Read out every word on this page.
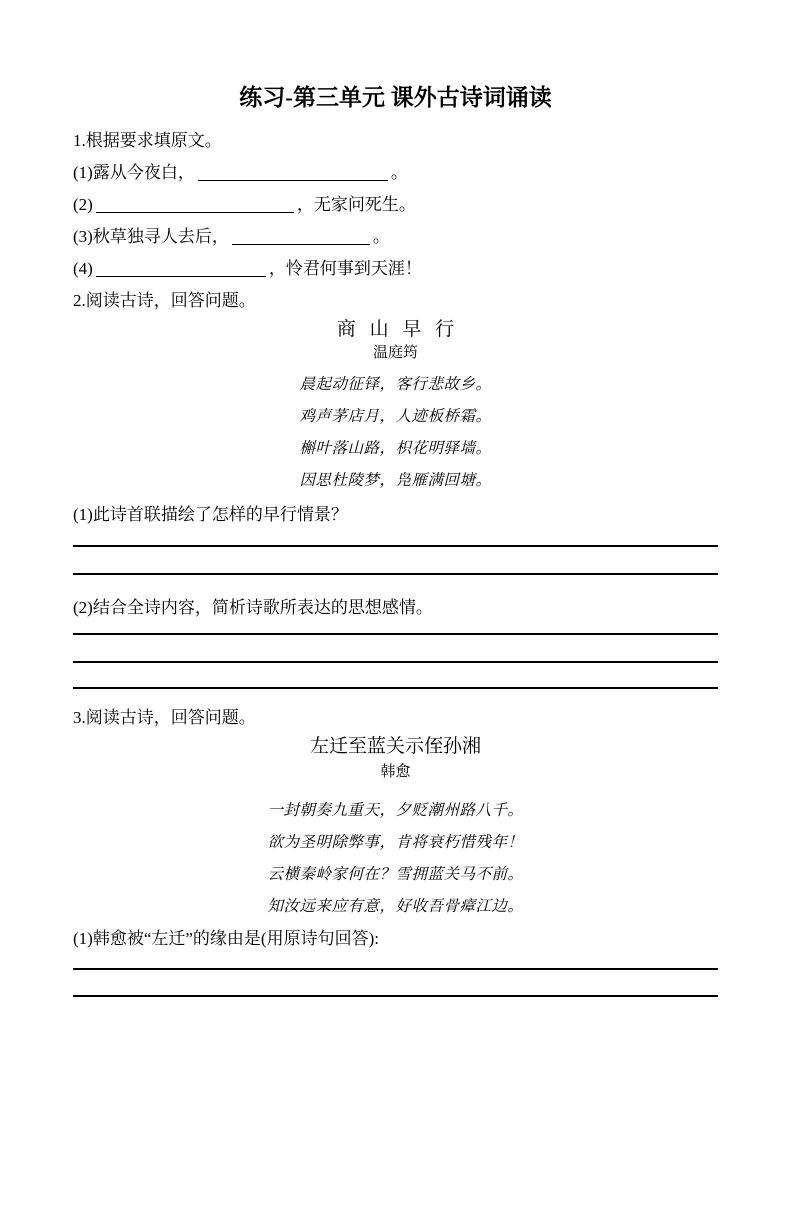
练习-第三单元 课外古诗词诵读
1.根据要求填原文。
(1)露从今夜白，	。
(2)	，无家问死生。
(3)秋草独寻人去后，	。
(4)	，怜君何事到天涯！
2.阅读古诗，回答问题。
商 山 早 行
温庭筠
晨起动征铎，客行悲故乡。
鸡声茅店月，人迹板桥霜。
槲叶落山路，枳花明驿墙。
因思杜陵梦，凫雁满回塘。
(1)此诗首联描绘了怎样的早行情景？
(2)结合全诗内容，简析诗歌所表达的思想感情。
3.阅读古诗，回答问题。
左迁至蓝关示侄孙湘
韩愈
一封朝奏九重天，夕贬潮州路八千。
欲为圣明除弊事，肯将衰朽惜残年！
云横秦岭家何在？雪拥蓝关马不前。
知汝远来应有意，好收吾骨瘴江边。
(1)韩愈被“左迁”的缘由是(用原诗句回答):
